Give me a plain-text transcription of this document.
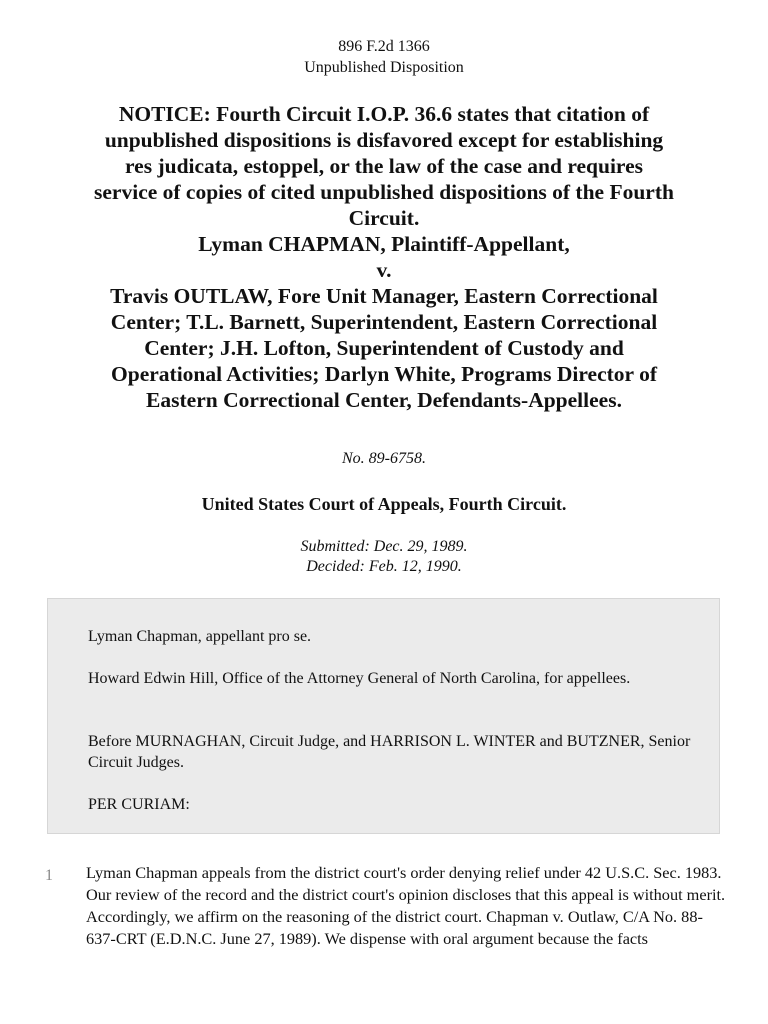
896 F.2d 1366
Unpublished Disposition
NOTICE: Fourth Circuit I.O.P. 36.6 states that citation of
unpublished dispositions is disfavored except for establishing
res judicata, estoppel, or the law of the case and requires
service of copies of cited unpublished dispositions of the Fourth
Circuit.
Lyman CHAPMAN, Plaintiff-Appellant,
v.
Travis OUTLAW, Fore Unit Manager, Eastern Correctional
Center; T.L. Barnett, Superintendent, Eastern Correctional
Center; J.H. Lofton, Superintendent of Custody and
Operational Activities; Darlyn White, Programs Director of
Eastern Correctional Center, Defendants-Appellees.
No. 89-6758.
United States Court of Appeals, Fourth Circuit.
Submitted: Dec. 29, 1989.
Decided: Feb. 12, 1990.

Lyman Chapman, appellant pro se.

Howard Edwin Hill, Office of the Attorney General of North Carolina, for appellees.

Before MURNAGHAN, Circuit Judge, and HARRISON L. WINTER and BUTZNER, Senior Circuit Judges.

PER CURIAM:

1 Lyman Chapman appeals from the district court's order denying relief under 42 U.S.C. Sec. 1983. Our review of the record and the district court's opinion discloses that this appeal is without merit. Accordingly, we affirm on the reasoning of the district court. Chapman v. Outlaw, C/A No. 88-637-CRT (E.D.N.C. June 27, 1989). We dispense with oral argument because the facts
